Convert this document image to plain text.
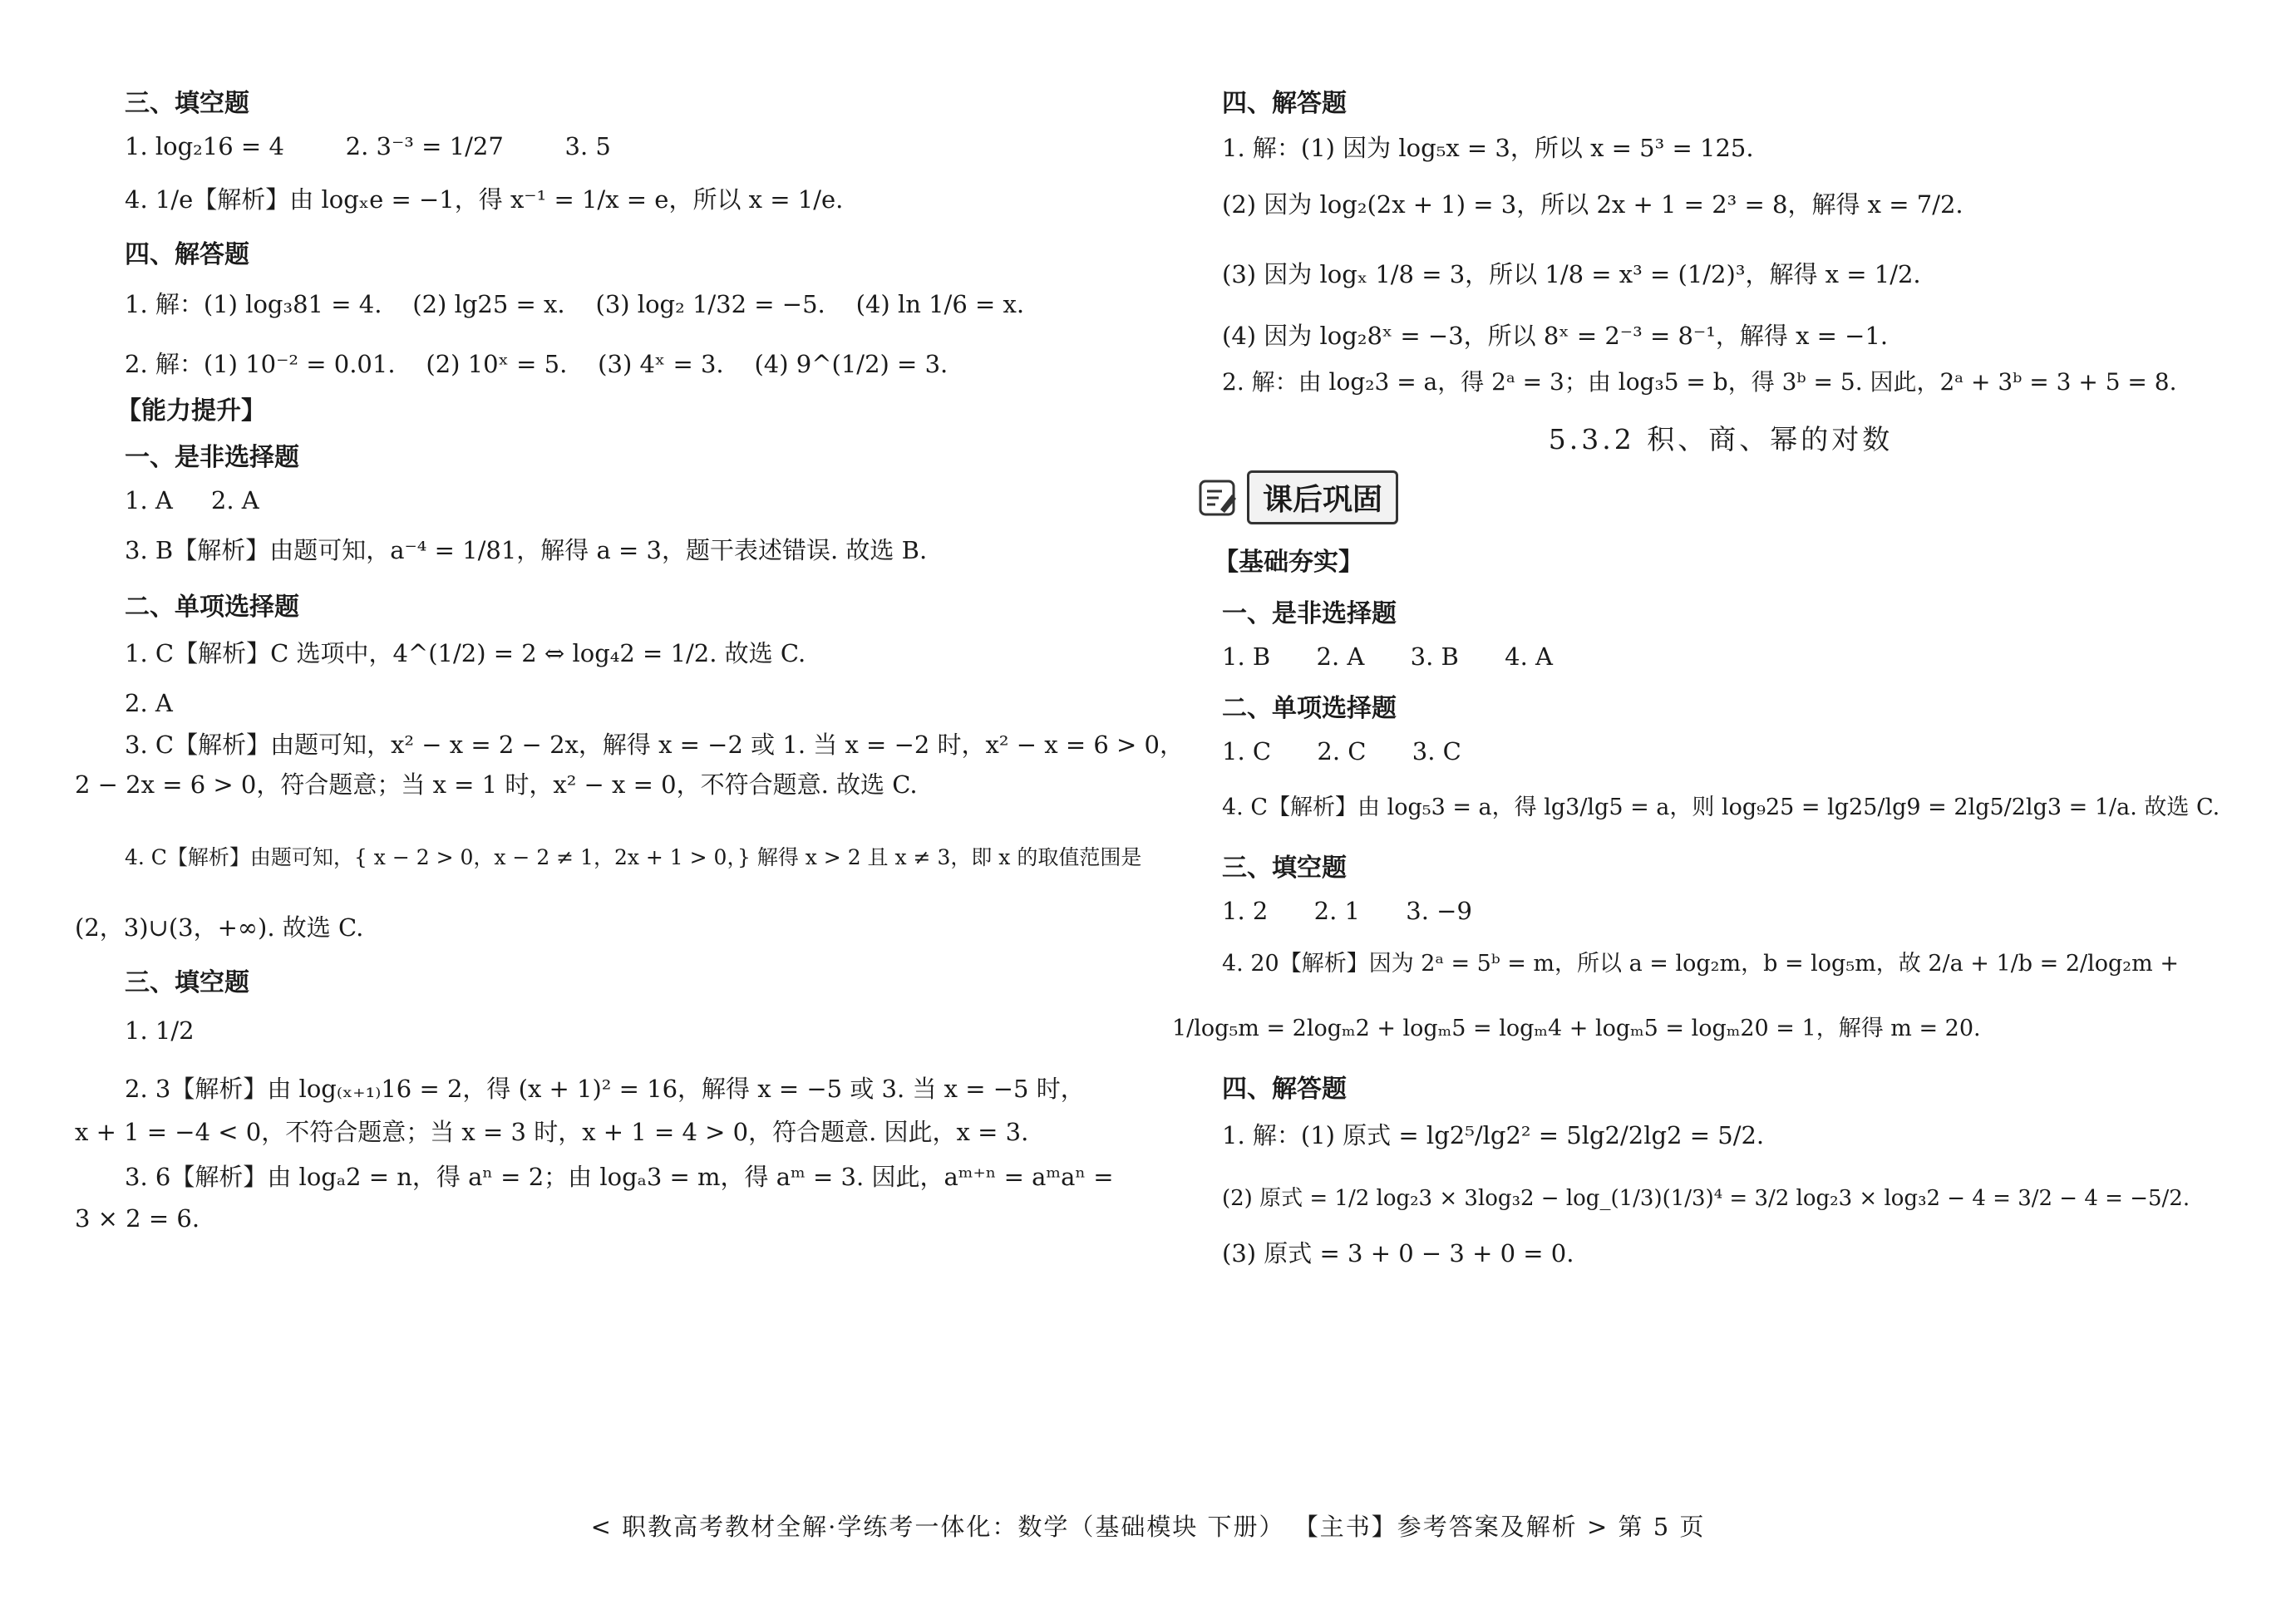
三、填空题
1. log₂16 = 4        2. 3⁻³ = 1/27        3. 5
4. 1/e【解析】由 logₓe = −1，得 x⁻¹ = 1/x = e，所以 x = 1/e.
四、解答题
1. 解：(1) log₃81 = 4.    (2) lg25 = x.    (3) log₂ 1/32 = −5.    (4) ln 1/6 = x.
2. 解：(1) 10⁻² = 0.01.    (2) 10ˣ = 5.    (3) 4ˣ = 3.    (4) 9^(1/2) = 3.
【能力提升】
一、是非选择题
1. A     2. A
3. B【解析】由题可知，a⁻⁴ = 1/81，解得 a = 3，题干表述错误. 故选 B.
二、单项选择题
1. C【解析】C 选项中，4^(1/2) = 2 ⇔ log₄2 = 1/2. 故选 C.
2. A
3. C【解析】由题可知，x² − x = 2 − 2x，解得 x = −2 或 1. 当 x = −2 时，x² − x = 6 > 0，
2 − 2x = 6 > 0，符合题意；当 x = 1 时，x² − x = 0，不符合题意. 故选 C.
4. C【解析】由题可知，{ x − 2 > 0，x − 2 ≠ 1，2x + 1 > 0，} 解得 x > 2 且 x ≠ 3，即 x 的取值范围是
(2，3)∪(3，+∞). 故选 C.
三、填空题
1. 1/2
2. 3【解析】由 log₍ₓ₊₁₎16 = 2，得 (x + 1)² = 16，解得 x = −5 或 3. 当 x = −5 时，
x + 1 = −4 < 0，不符合题意；当 x = 3 时，x + 1 = 4 > 0，符合题意. 因此，x = 3.
3. 6【解析】由 logₐ2 = n，得 aⁿ = 2；由 logₐ3 = m，得 aᵐ = 3. 因此，aᵐ⁺ⁿ = aᵐaⁿ =
3 × 2 = 6.
四、解答题
1. 解：(1) 因为 log₅x = 3，所以 x = 5³ = 125.
(2) 因为 log₂(2x + 1) = 3，所以 2x + 1 = 2³ = 8，解得 x = 7/2.
(3) 因为 logₓ 1/8 = 3，所以 1/8 = x³ = (1/2)³，解得 x = 1/2.
(4) 因为 log₂8ˣ = −3，所以 8ˣ = 2⁻³ = 8⁻¹，解得 x = −1.
2. 解：由 log₂3 = a，得 2ᵃ = 3；由 log₃5 = b，得 3ᵇ = 5. 因此，2ᵃ + 3ᵇ = 3 + 5 = 8.
5.3.2 积、商、幂的对数
课后巩固
【基础夯实】
一、是非选择题
1. B      2. A      3. B      4. A
二、单项选择题
1. C      2. C      3. C
4. C【解析】由 log₅3 = a，得 lg3/lg5 = a，则 log₉25 = lg25/lg9 = 2lg5/2lg3 = 1/a. 故选 C.
三、填空题
1. 2      2. 1      3. −9
4. 20【解析】因为 2ᵃ = 5ᵇ = m，所以 a = log₂m，b = log₅m，故 2/a + 1/b = 2/log₂m +
1/log₅m = 2logₘ2 + logₘ5 = logₘ4 + logₘ5 = logₘ20 = 1，解得 m = 20.
四、解答题
1. 解：(1) 原式 = lg2⁵/lg2² = 5lg2/2lg2 = 5/2.
(2) 原式 = 1/2 log₂3 × 3log₃2 − log_(1/3)(1/3)⁴ = 3/2 log₂3 × log₃2 − 4 = 3/2 − 4 = −5/2.
(3) 原式 = 3 + 0 − 3 + 0 = 0.
< 职教高考教材全解·学练考一体化：数学（基础模块 下册） 【主书】参考答案及解析 > 第 5 页
